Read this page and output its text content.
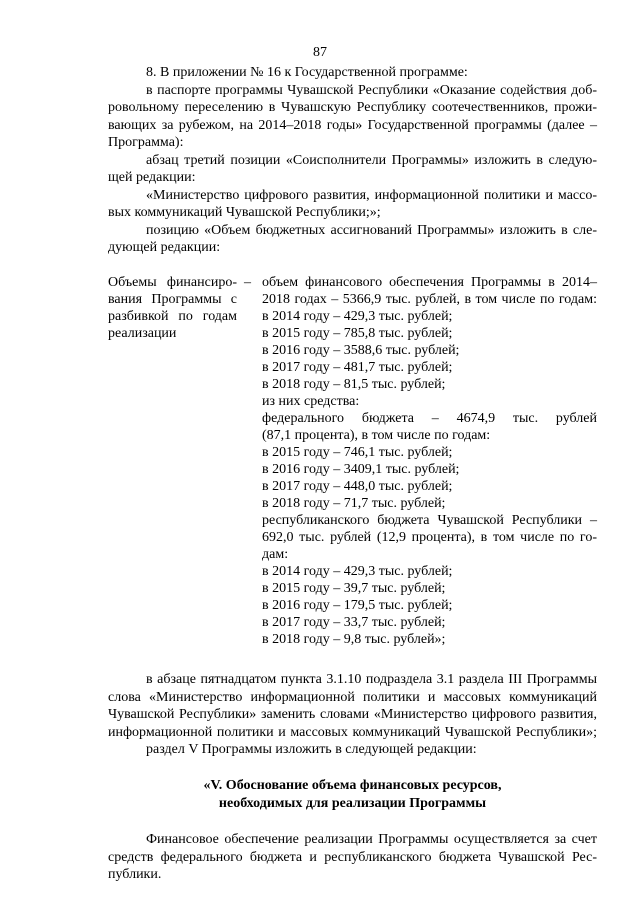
87
8. В приложении № 16 к Государственной программе:
в паспорте программы Чувашской Республики «Оказание содействия доб-
ровольному переселению в Чувашскую Республику соотечественников, прожи-
вающих за рубежом, на 2014–2018 годы» Государственной программы (далее –
Программа):
абзац третий позиции «Соисполнители Программы» изложить в следую-
щей редакции:
«Министерство цифрового развития, информационной политики и массо-
вых коммуникаций Чувашской Республики;»;
позицию «Объем бюджетных ассигнований Программы» изложить в сле-
дующей редакции:
Объемы финансиро-
вания Программы с
разбивкой по годам
реализации
– объем финансового обеспечения Программы в 2014–
2018 годах – 5366,9 тыс. рублей, в том числе по годам:
в 2014 году – 429,3 тыс. рублей;
в 2015 году – 785,8 тыс. рублей;
в 2016 году – 3588,6 тыс. рублей;
в 2017 году – 481,7 тыс. рублей;
в 2018 году – 81,5 тыс. рублей;
из них средства:
федерального бюджета – 4674,9 тыс. рублей
(87,1 процента), в том числе по годам:
в 2015 году – 746,1 тыс. рублей;
в 2016 году – 3409,1 тыс. рублей;
в 2017 году – 448,0 тыс. рублей;
в 2018 году – 71,7 тыс. рублей;
республиканского бюджета Чувашской Республики –
692,0 тыс. рублей (12,9 процента), в том числе по го-
дам:
в 2014 году – 429,3 тыс. рублей;
в 2015 году – 39,7 тыс. рублей;
в 2016 году – 179,5 тыс. рублей;
в 2017 году – 33,7 тыс. рублей;
в 2018 году – 9,8 тыс. рублей»;
в абзаце пятнадцатом пункта 3.1.10 подраздела 3.1 раздела III Программы
слова «Министерство информационной политики и массовых коммуникаций
Чувашской Республики» заменить словами «Министерство цифрового развития,
информационной политики и массовых коммуникаций Чувашской Республики»;
раздел V Программы изложить в следующей редакции:
«V. Обоснование объема финансовых ресурсов,
необходимых для реализации Программы
Финансовое обеспечение реализации Программы осуществляется за счет
средств федерального бюджета и республиканского бюджета Чувашской Рес-
публики.
